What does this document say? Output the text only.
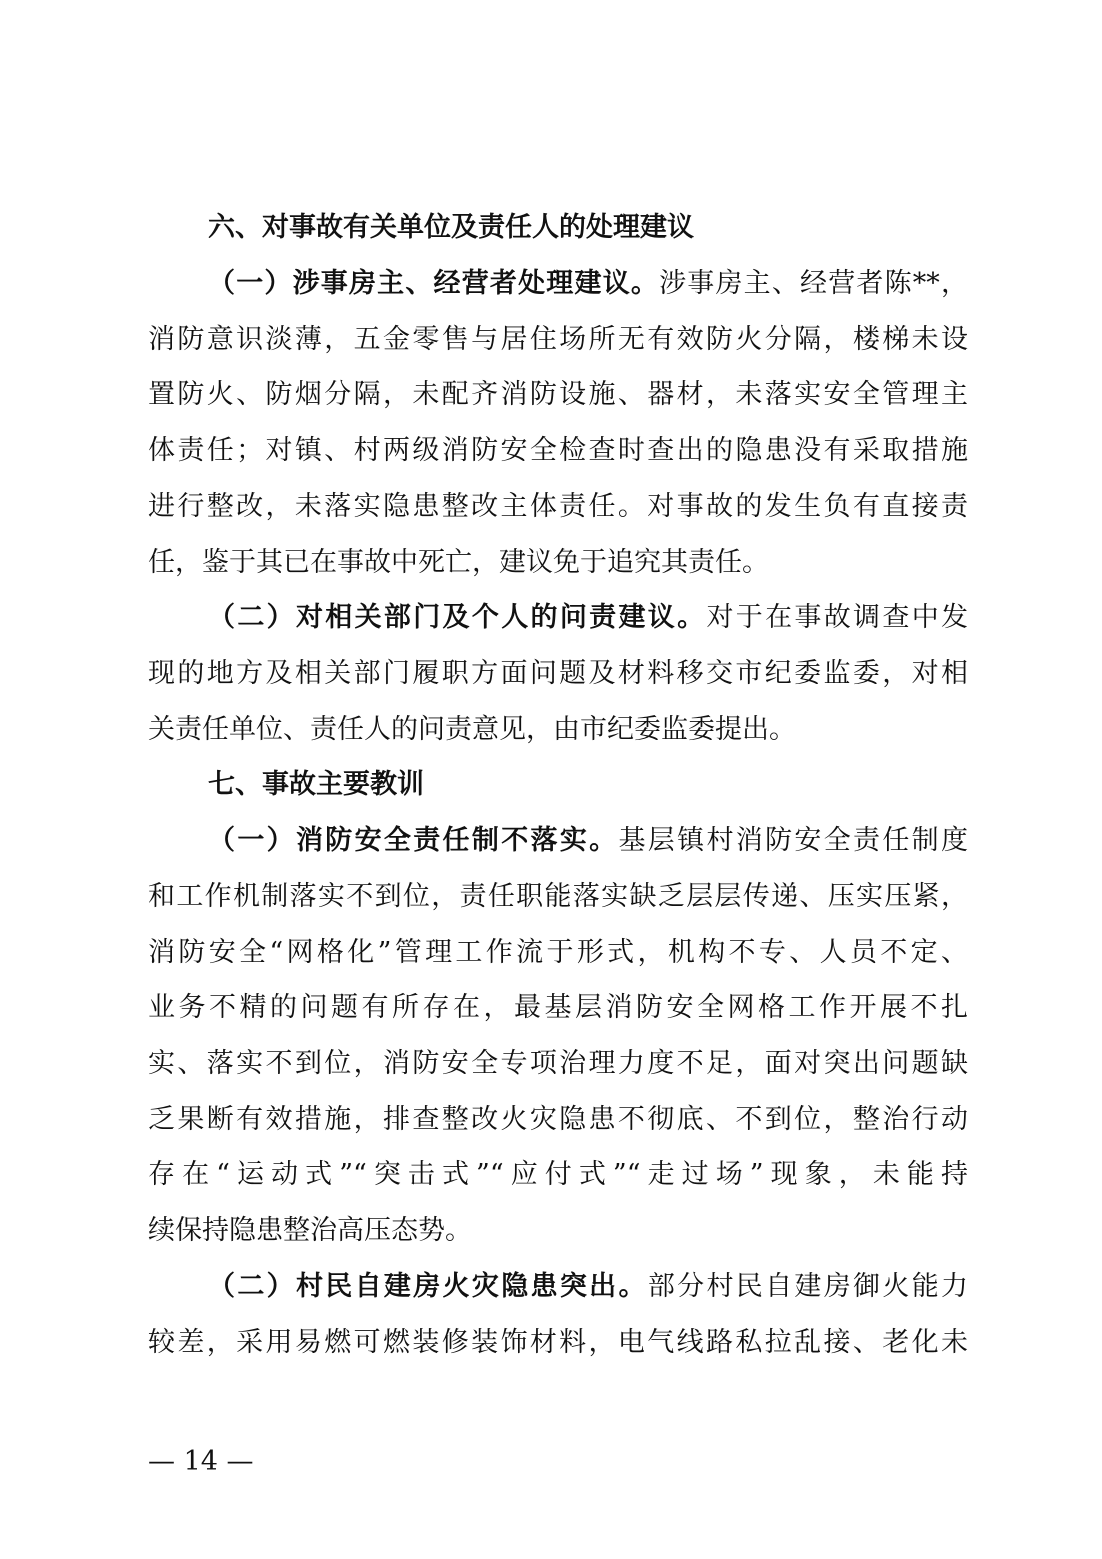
六、对事故有关单位及责任人的处理建议
（一）涉事房主、经营者处理建议。涉事房主、经营者陈**，
消防意识淡薄，五金零售与居住场所无有效防火分隔，楼梯未设
置防火、防烟分隔，未配齐消防设施、器材，未落实安全管理主
体责任；对镇、村两级消防安全检查时查出的隐患没有采取措施
进行整改，未落实隐患整改主体责任。对事故的发生负有直接责
任，鉴于其已在事故中死亡，建议免于追究其责任。
（二）对相关部门及个人的问责建议。对于在事故调查中发
现的地方及相关部门履职方面问题及材料移交市纪委监委，对相
关责任单位、责任人的问责意见，由市纪委监委提出。
七、事故主要教训
（一）消防安全责任制不落实。基层镇村消防安全责任制度
和工作机制落实不到位，责任职能落实缺乏层层传递、压实压紧，
消防安全“网格化”管理工作流于形式，机构不专、人员不定、
业务不精的问题有所存在，最基层消防安全网格工作开展不扎
实、落实不到位，消防安全专项治理力度不足，面对突出问题缺
乏果断有效措施，排查整改火灾隐患不彻底、不到位，整治行动
存在“运动式”“突击式”“应付式”“走过场”现象，未能持
续保持隐患整治高压态势。
（二）村民自建房火灾隐患突出。部分村民自建房御火能力
较差，采用易燃可燃装修装饰材料，电气线路私拉乱接、老化未
— 14 —
